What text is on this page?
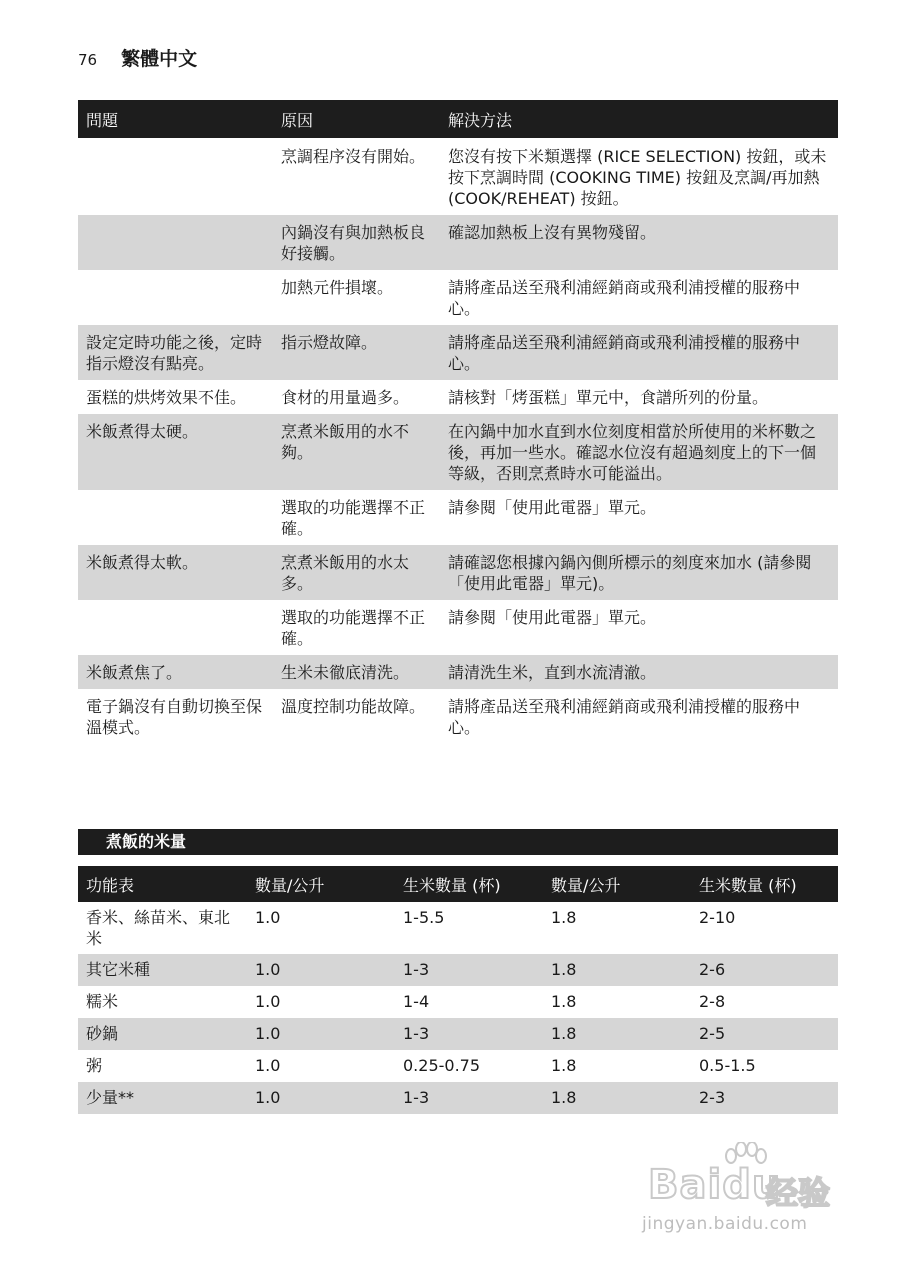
76 繁體中文
問題	原因	解決方法
	烹調程序沒有開始。	您沒有按下米類選擇 (RICE SELECTION) 按鈕，或未按下烹調時間 (COOKING TIME) 按鈕及烹調/再加熱 (COOK/REHEAT) 按鈕。
	內鍋沒有與加熱板良好接觸。	確認加熱板上沒有異物殘留。
	加熱元件損壞。	請將產品送至飛利浦經銷商或飛利浦授權的服務中心。
設定定時功能之後，定時指示燈沒有點亮。	指示燈故障。	請將產品送至飛利浦經銷商或飛利浦授權的服務中心。
蛋糕的烘烤效果不佳。	食材的用量過多。	請核對「烤蛋糕」單元中，食譜所列的份量。
米飯煮得太硬。	烹煮米飯用的水不夠。	在內鍋中加水直到水位刻度相當於所使用的米杯數之後，再加一些水。確認水位沒有超過刻度上的下一個等級，否則烹煮時水可能溢出。
	選取的功能選擇不正確。	請參閱「使用此電器」單元。
米飯煮得太軟。	烹煮米飯用的水太多。	請確認您根據內鍋內側所標示的刻度來加水 (請參閱「使用此電器」單元)。
	選取的功能選擇不正確。	請參閱「使用此電器」單元。
米飯煮焦了。	生米未徹底清洗。	請清洗生米，直到水流清澈。
電子鍋沒有自動切換至保溫模式。	溫度控制功能故障。	請將產品送至飛利浦經銷商或飛利浦授權的服務中心。
煮飯的米量
功能表	數量/公升	生米數量 (杯)	數量/公升	生米數量 (杯)
香米、絲苗米、東北米	1.0	1-5.5	1.8	2-10
其它米種	1.0	1-3	1.8	2-6
糯米	1.0	1-4	1.8	2-8
砂鍋	1.0	1-3	1.8	2-5
粥	1.0	0.25-0.75	1.8	0.5-1.5
少量**	1.0	1-3	1.8	2-3
Baidu
经验
jingyan.baidu.com
